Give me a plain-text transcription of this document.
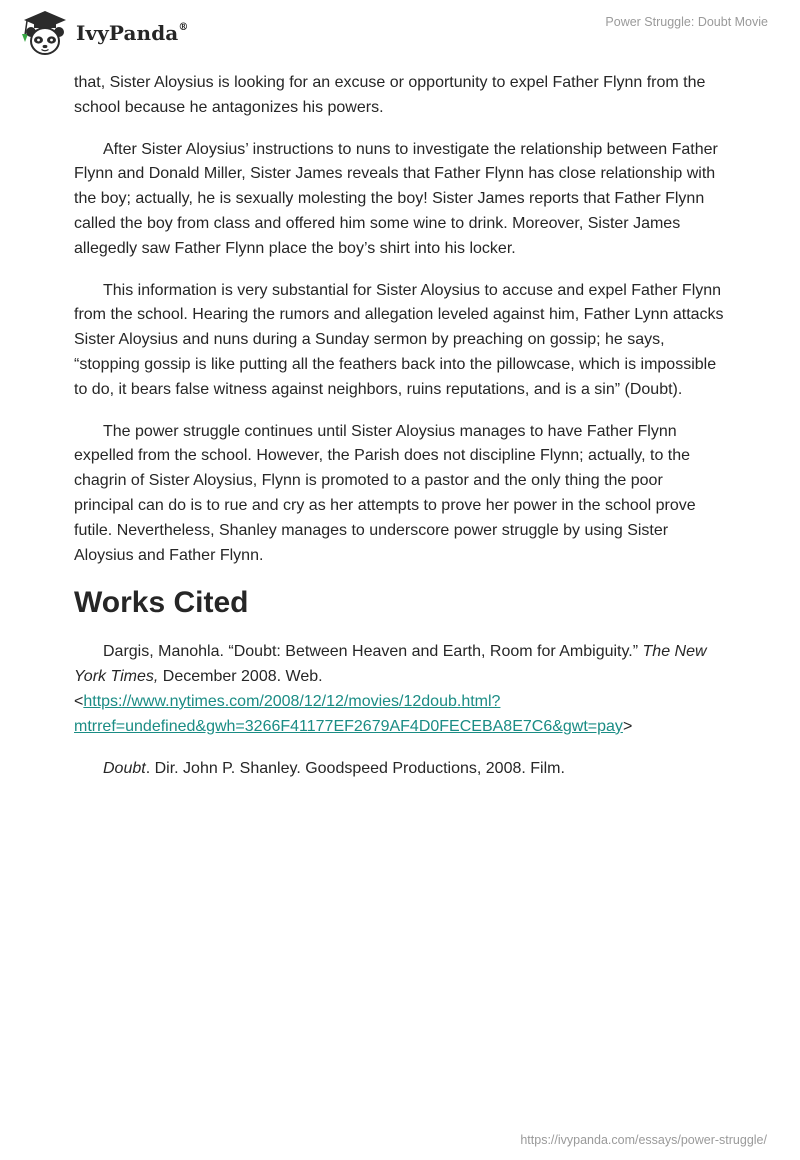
IvyPanda®	Power Struggle: Doubt Movie

that, Sister Aloysius is looking for an excuse or opportunity to expel Father Flynn from the school because he antagonizes his powers.

After Sister Aloysius’ instructions to nuns to investigate the relationship between Father Flynn and Donald Miller, Sister James reveals that Father Flynn has close relationship with the boy; actually, he is sexually molesting the boy! Sister James reports that Father Flynn called the boy from class and offered him some wine to drink. Moreover, Sister James allegedly saw Father Flynn place the boy’s shirt into his locker.

This information is very substantial for Sister Aloysius to accuse and expel Father Flynn from the school. Hearing the rumors and allegation leveled against him, Father Lynn attacks Sister Aloysius and nuns during a Sunday sermon by preaching on gossip; he says, “stopping gossip is like putting all the feathers back into the pillowcase, which is impossible to do, it bears false witness against neighbors, ruins reputations, and is a sin” (Doubt).

The power struggle continues until Sister Aloysius manages to have Father Flynn expelled from the school. However, the Parish does not discipline Flynn; actually, to the chagrin of Sister Aloysius, Flynn is promoted to a pastor and the only thing the poor principal can do is to rue and cry as her attempts to prove her power in the school prove futile. Nevertheless, Shanley manages to underscore power struggle by using Sister Aloysius and Father Flynn.

Works Cited

Dargis, Manohla. “Doubt: Between Heaven and Earth, Room for Ambiguity.” The New York Times, December 2008. Web.
<https://www.nytimes.com/2008/12/12/movies/12doub.html?mtrref=undefined&gwh=3266F41177EF2679AF4D0FECEBA8E7C6&gwt=pay>

Doubt. Dir. John P. Shanley. Goodspeed Productions, 2008. Film.

https://ivypanda.com/essays/power-struggle/
